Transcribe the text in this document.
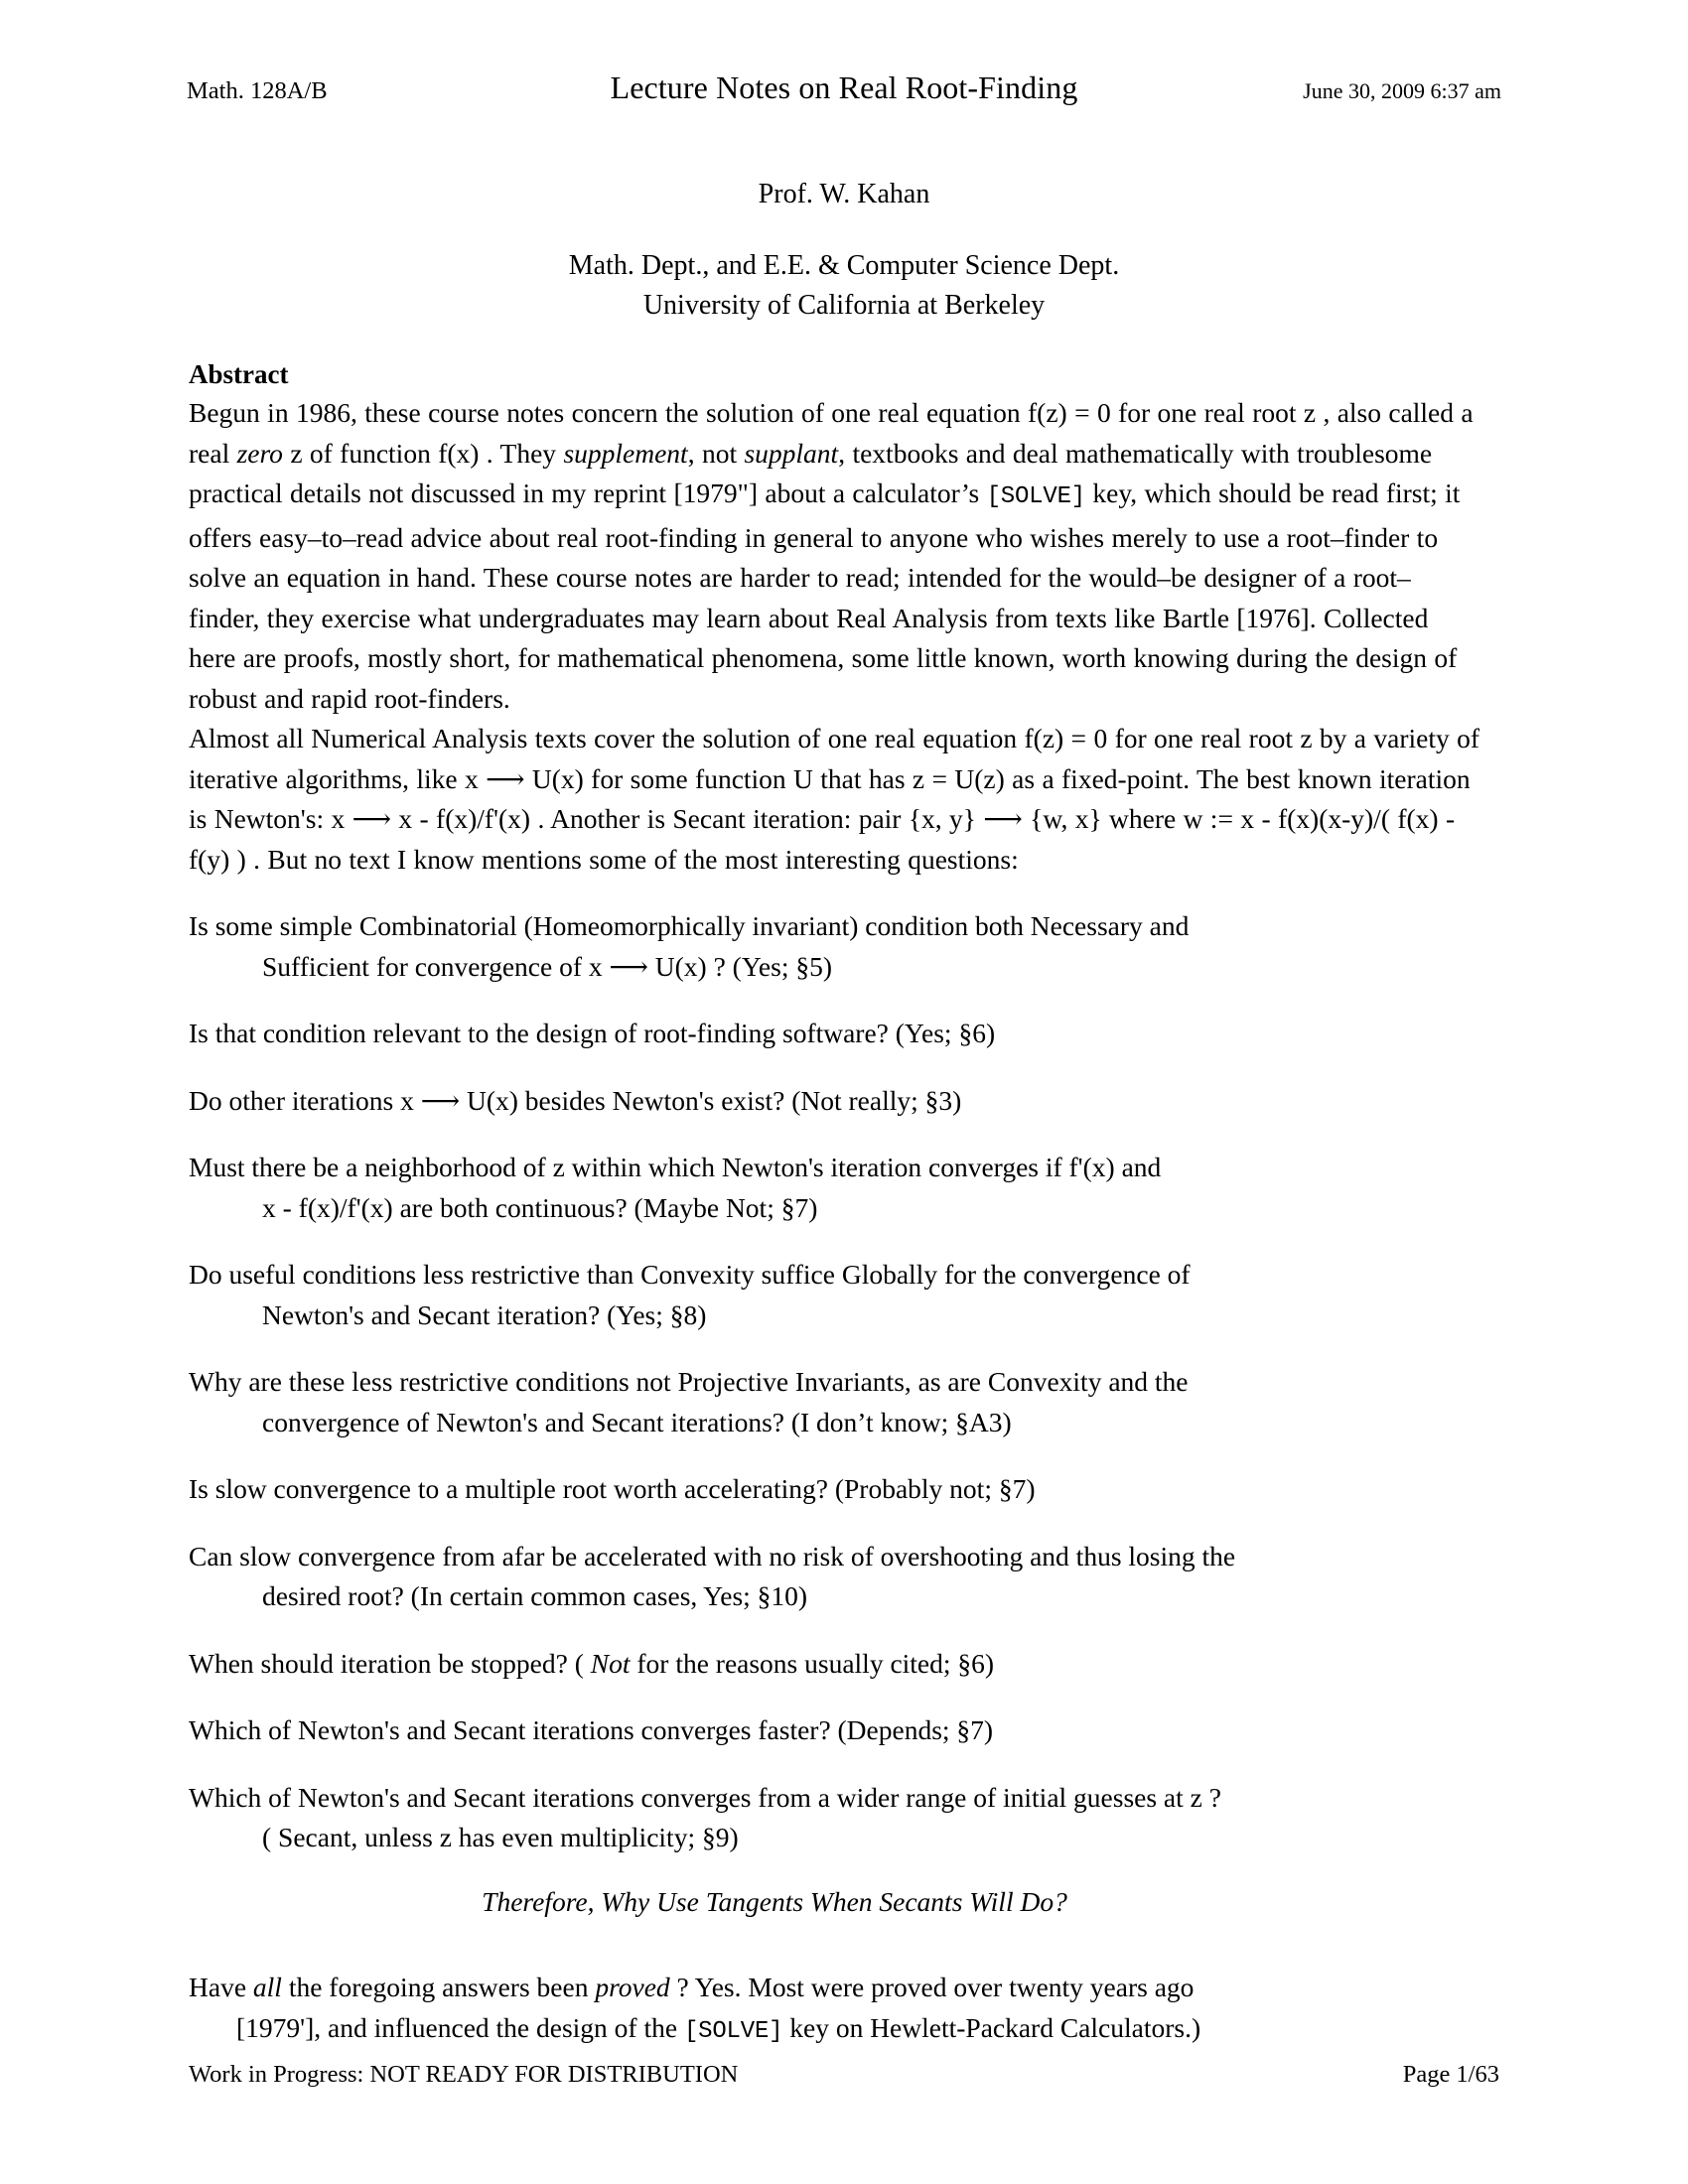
Math. 128A/B	Lecture Notes on Real Root-Finding	June 30, 2009 6:37 am
Prof. W. Kahan
Math. Dept., and E.E. & Computer Science Dept.
University of California at Berkeley
Abstract

Begun in 1986, these course notes concern the solution of one real equation f(z) = 0 for one real root z , also called a real zero z of function f(x) . They supplement, not supplant, textbooks and deal mathematically with troublesome practical details not discussed in my reprint [1979"] about a calculator’s [SOLVE] key, which should be read first; it offers easy–to–read advice about real root-finding in general to anyone who wishes merely to use a root–finder to solve an equation in hand. These course notes are harder to read; intended for the would–be designer of a root–finder, they exercise what undergraduates may learn about Real Analysis from texts like Bartle [1976]. Collected here are proofs, mostly short, for mathematical phenomena, some little known, worth knowing during the design of robust and rapid root-finders.

Almost all Numerical Analysis texts cover the solution of one real equation f(z) = 0 for one real root z by a variety of iterative algorithms, like x ⟶ U(x) for some function U that has z = U(z) as a fixed-point. The best known iteration is Newton's: x ⟶ x - f(x)/f'(x) . Another is Secant iteration: pair {x, y} ⟶ {w, x} where w := x - f(x)(x-y)/( f(x) - f(y) ) . But no text I know mentions some of the most interesting questions:

Is some simple Combinatorial (Homeomorphically invariant) condition both Necessary and
Sufficient for convergence of x ⟶ U(x) ? (Yes; §5)
Is that condition relevant to the design of root-finding software? (Yes; §6)
Do other iterations x ⟶ U(x) besides Newton's exist? (Not really; §3)
Must there be a neighborhood of z within which Newton's iteration converges if f'(x) and
x - f(x)/f'(x) are both continuous? (Maybe Not; §7)
Do useful conditions less restrictive than Convexity suffice Globally for the convergence of
Newton's and Secant iteration? (Yes; §8)
Why are these less restrictive conditions not Projective Invariants, as are Convexity and the
convergence of Newton's and Secant iterations? (I don’t know; §A3)
Is slow convergence to a multiple root worth accelerating? (Probably not; §7)
Can slow convergence from afar be accelerated with no risk of overshooting and thus losing the
desired root? (In certain common cases, Yes; §10)
When should iteration be stopped? ( Not for the reasons usually cited; §6)
Which of Newton's and Secant iterations converges faster? (Depends; §7)
Which of Newton's and Secant iterations converges from a wider range of initial guesses at z ?
( Secant, unless z has even multiplicity; §9)
Therefore, Why Use Tangents When Secants Will Do?
Have all the foregoing answers been proved ? Yes. Most were proved over twenty years ago
[1979'], and influenced the design of the [SOLVE] key on Hewlett-Packard Calculators.)
Work in Progress: NOT READY FOR DISTRIBUTION	Page 1/63
